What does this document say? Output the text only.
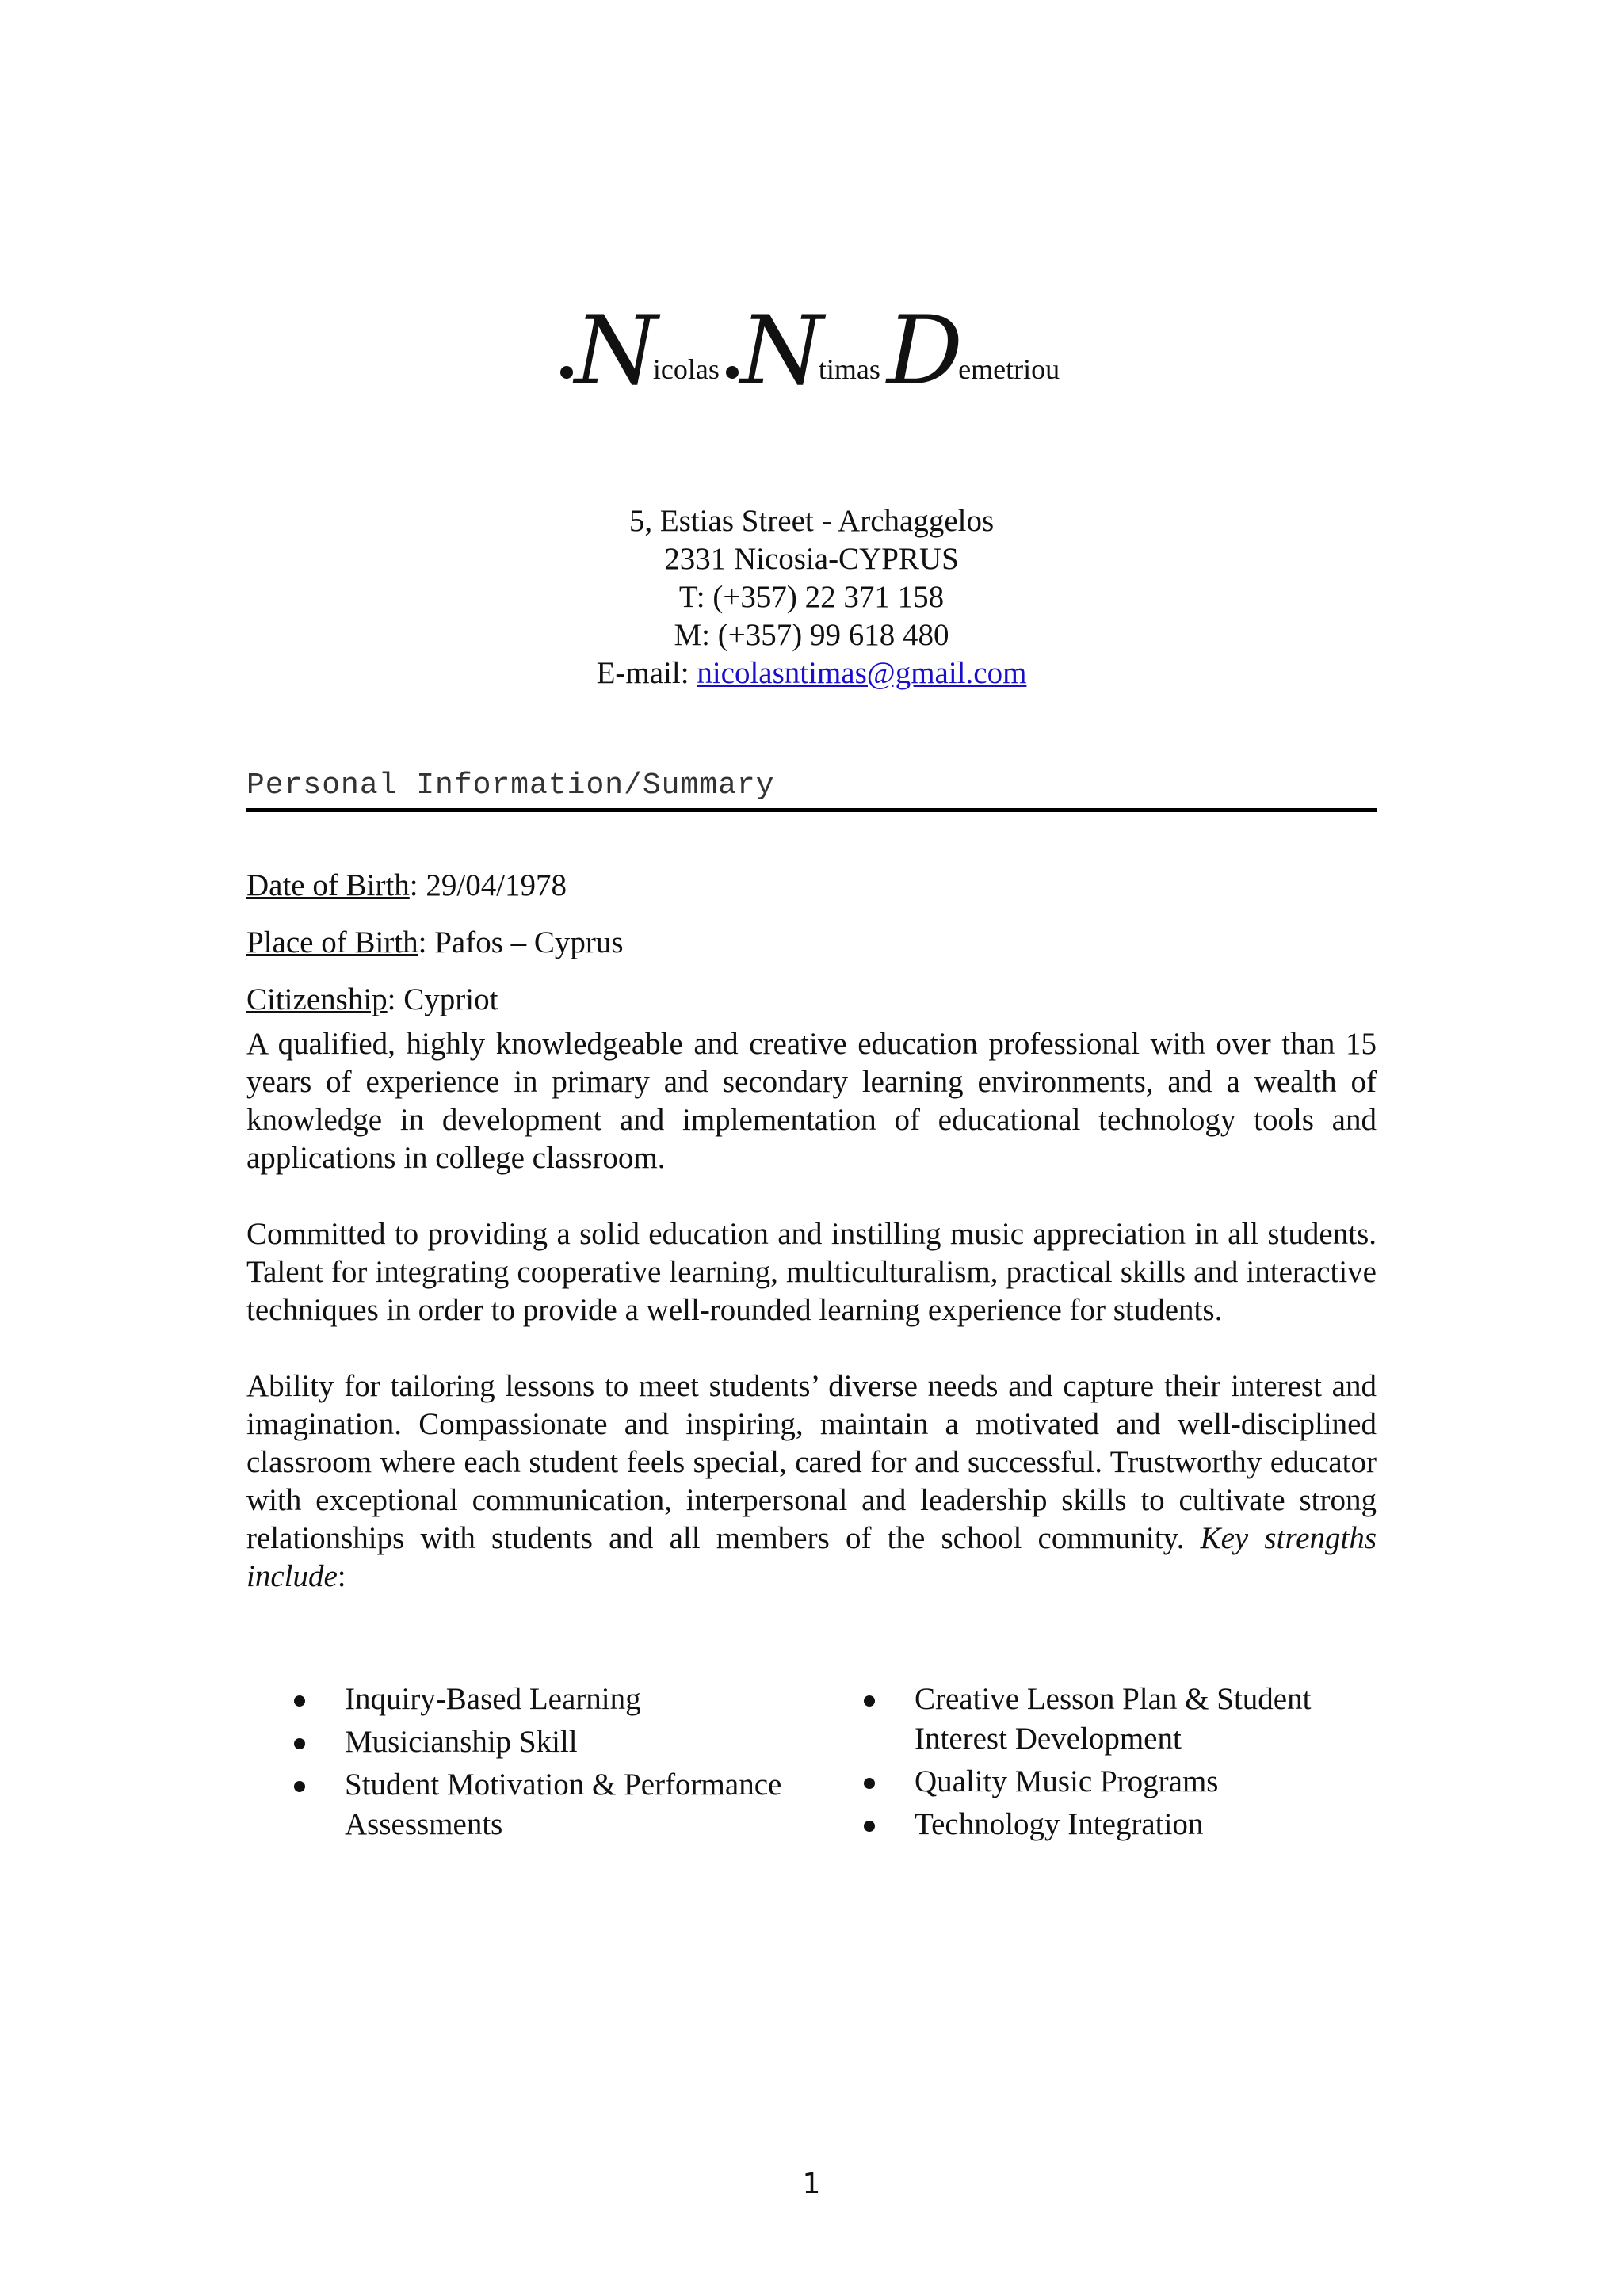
Nicolas Ntimas Demetriou
5, Estias Street - Archaggelos
2331 Nicosia-CYPRUS
T: (+357) 22 371 158
M: (+357) 99 618 480
E-mail: nicolasntimas@gmail.com
Personal Information/Summary

Date of Birth: 29/04/1978

Place of Birth: Pafos – Cyprus

Citizenship: Cypriot

A qualified, highly knowledgeable and creative education professional with over than 15 years of experience in primary and secondary learning environments, and a wealth of knowledge in development and implementation of educational technology tools and applications in college classroom.

Committed to providing a solid education and instilling music appreciation in all students. Talent for integrating cooperative learning, multiculturalism, practical skills and interactive techniques in order to provide a well-rounded learning experience for students.

Ability for tailoring lessons to meet students’ diverse needs and capture their interest and imagination. Compassionate and inspiring, maintain a motivated and well-disciplined classroom where each student feels special, cared for and successful. Trustworthy educator with exceptional communication, interpersonal and leadership skills to cultivate strong relationships with students and all members of the school community. Key strengths include:

Inquiry-Based Learning
Musicianship Skill
Student Motivation & Performance Assessments
Creative Lesson Plan & Student Interest Development
Quality Music Programs
Technology Integration
1
